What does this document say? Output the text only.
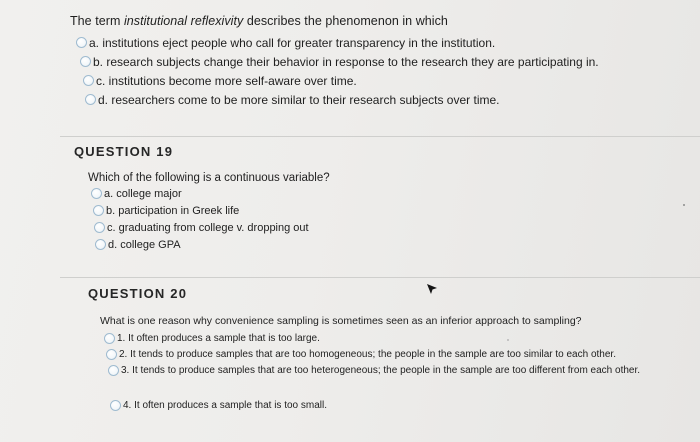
The term institutional reflexivity describes the phenomenon in which
a. institutions eject people who call for greater transparency in the institution.
b. research subjects change their behavior in response to the research they are participating in.
c. institutions become more self-aware over time.
d. researchers come to be more similar to their research subjects over time.
QUESTION 19
Which of the following is a continuous variable?
a. college major
b. participation in Greek life
c. graduating from college v. dropping out
d. college GPA
QUESTION 20
What is one reason why convenience sampling is sometimes seen as an inferior approach to sampling?
1. It often produces a sample that is too large.
2. It tends to produce samples that are too homogeneous; the people in the sample are too similar to each other.
3. It tends to produce samples that are too heterogeneous; the people in the sample are too different from each other.
4. It often produces a sample that is too small.
